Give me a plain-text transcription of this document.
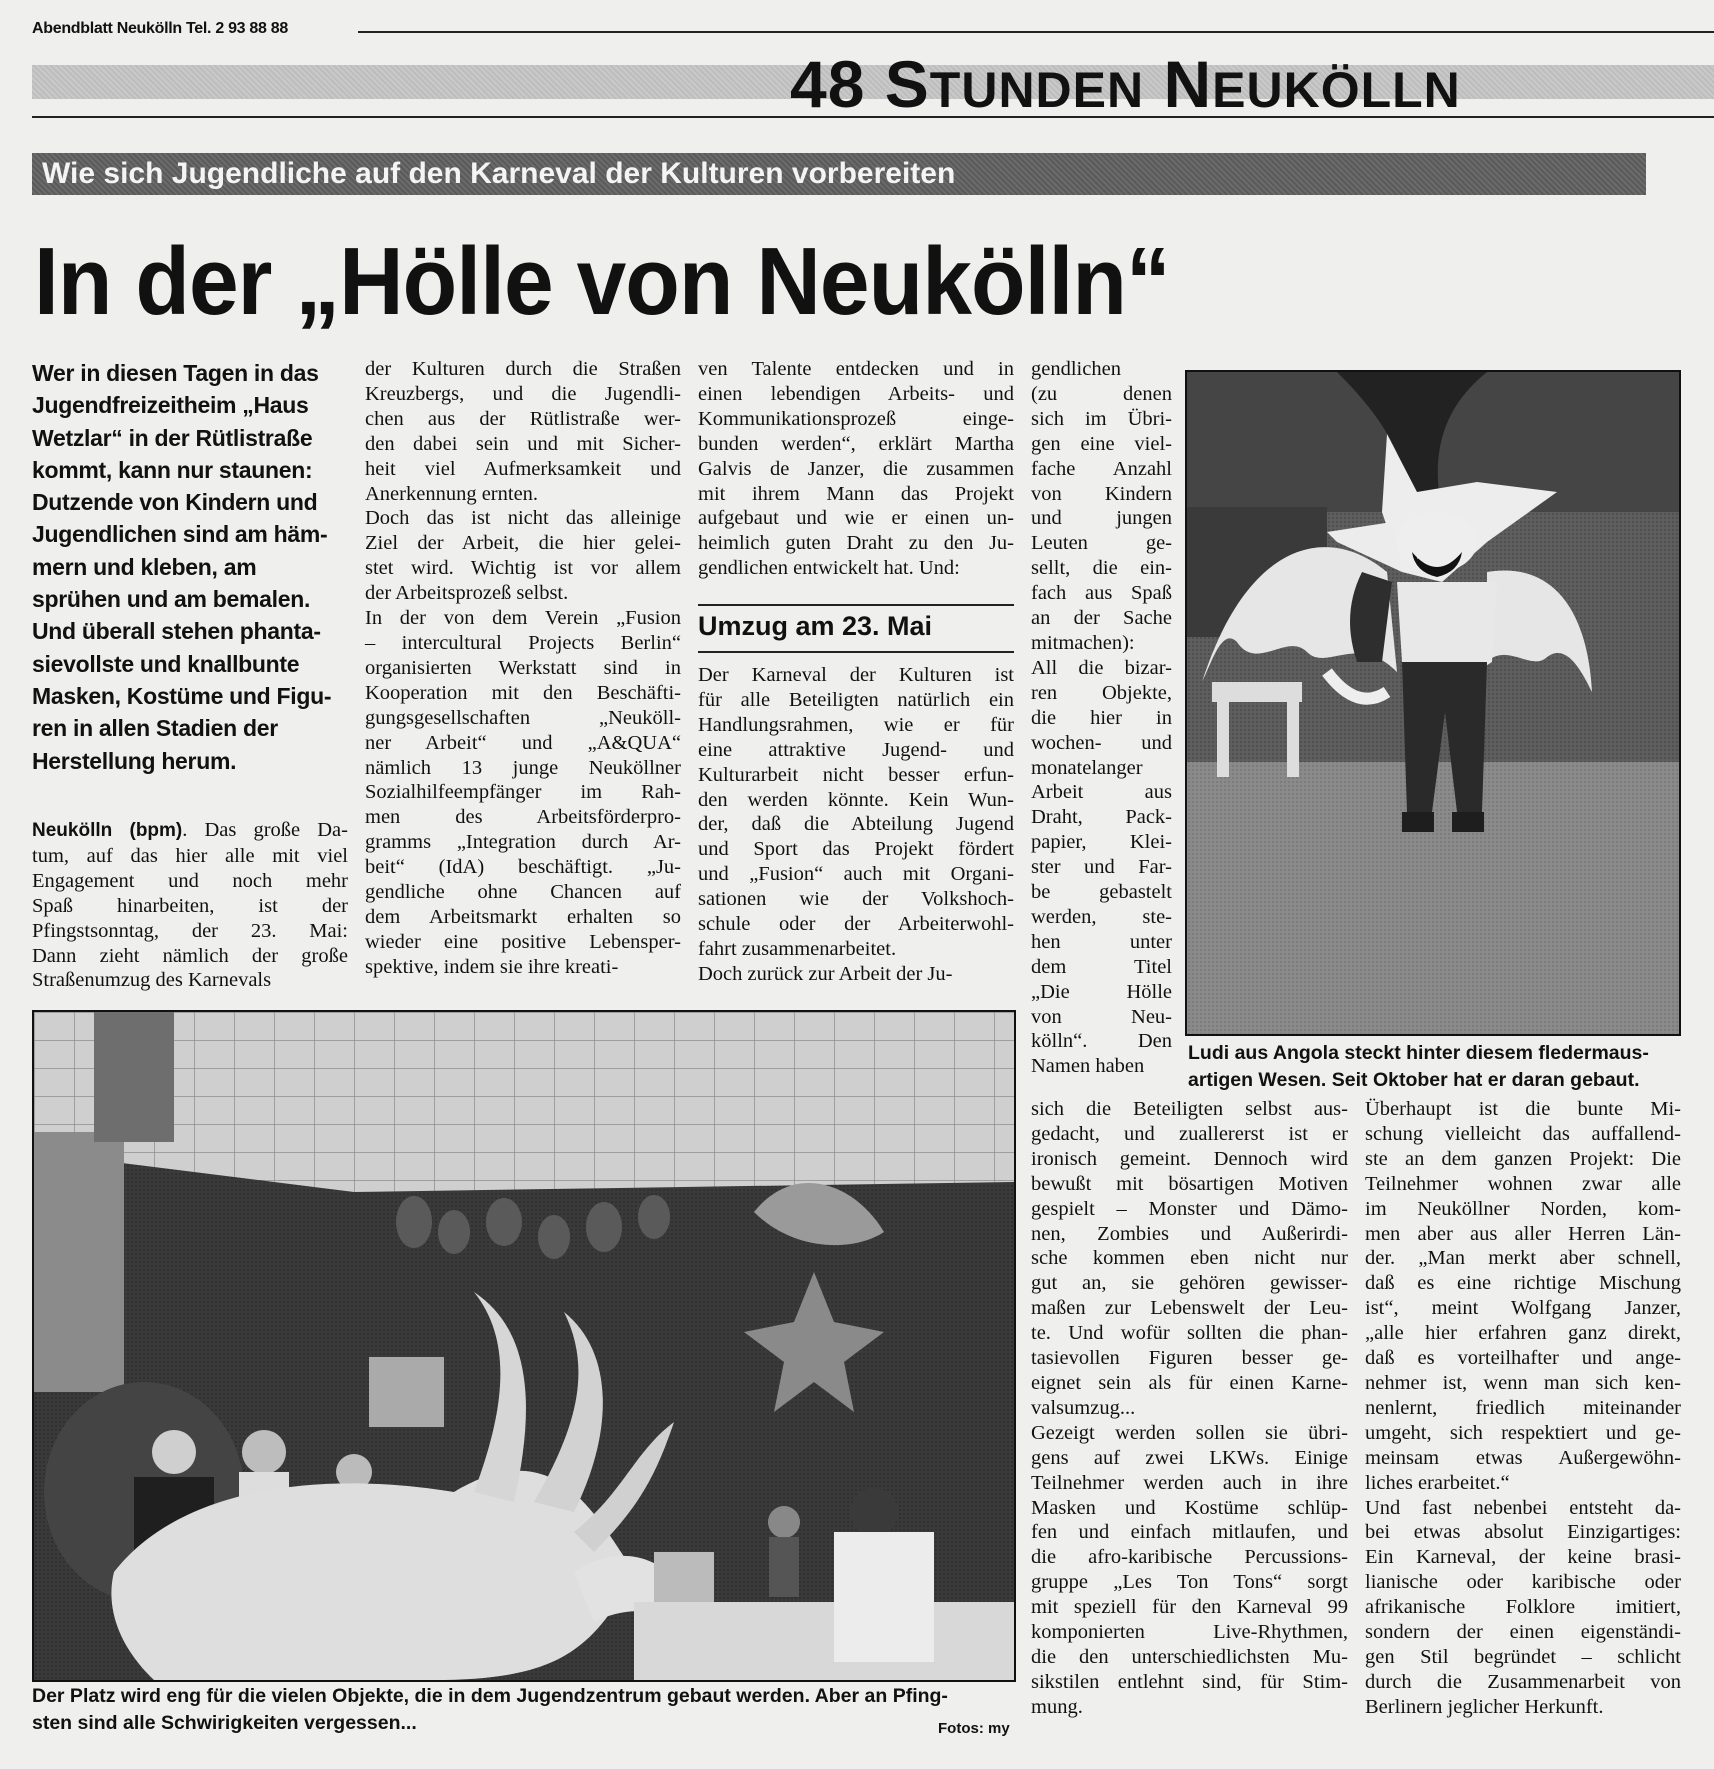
Abendblatt Neukölln Tel. 2 93 88 88
48 STUNDEN NEUKÖLLN
Wie sich Jugendliche auf den Karneval der Kulturen vorbereiten
In der „Hölle von Neukölln“
Wer in diesen Tagen in das
Jugendfreizeitheim „Haus
Wetzlar“ in der Rütlistraße
kommt, kann nur staunen:
Dutzende von Kindern und
Jugendlichen sind am häm-
mern und kleben, am
sprühen und am bemalen.
Und überall stehen phanta-
sievollste und knallbunte
Masken, Kostüme und Figu-
ren in allen Stadien der
Herstellung herum.
Neukölln (bpm). Das große Da-
tum, auf das hier alle mit viel
Engagement und noch mehr
Spaß hinarbeiten, ist der
Pfingstsonntag, der 23. Mai:
Dann zieht nämlich der große
Straßenumzug des Karnevals
der Kulturen durch die Straßen
Kreuzbergs, und die Jugendli-
chen aus der Rütlistraße wer-
den dabei sein und mit Sicher-
heit viel Aufmerksamkeit und
Anerkennung ernten.
Doch das ist nicht das alleinige
Ziel der Arbeit, die hier gelei-
stet wird. Wichtig ist vor allem
der Arbeitsprozeß selbst.
In der von dem Verein „Fusion
– intercultural Projects Berlin“
organisierten Werkstatt sind in
Kooperation mit den Beschäfti-
gungsgesellschaften „Neuköll-
ner Arbeit“ und „A&QUA“
nämlich 13 junge Neuköllner
Sozialhilfeempfänger im Rah-
men des Arbeitsförderpro-
gramms „Integration durch Ar-
beit“ (IdA) beschäftigt. „Ju-
gendliche ohne Chancen auf
dem Arbeitsmarkt erhalten so
wieder eine positive Lebensper-
spektive, indem sie ihre kreati-
ven Talente entdecken und in
einen lebendigen Arbeits- und
Kommunikationsprozeß einge-
bunden werden“, erklärt Martha
Galvis de Janzer, die zusammen
mit ihrem Mann das Projekt
aufgebaut und wie er einen un-
heimlich guten Draht zu den Ju-
gendlichen entwickelt hat. Und:
Umzug am 23. Mai
Der Karneval der Kulturen ist
für alle Beteiligten natürlich ein
Handlungsrahmen, wie er für
eine attraktive Jugend- und
Kulturarbeit nicht besser erfun-
den werden könnte. Kein Wun-
der, daß die Abteilung Jugend
und Sport das Projekt fördert
und „Fusion“ auch mit Organi-
sationen wie der Volkshoch-
schule oder der Arbeiterwohl-
fahrt zusammenarbeitet.
Doch zurück zur Arbeit der Ju-
gendlichen
(zu denen
sich im Übri-
gen eine viel-
fache Anzahl
von Kindern
und jungen
Leuten ge-
sellt, die ein-
fach aus Spaß
an der Sache
mitmachen):
All die bizar-
ren Objekte,
die hier in
wochen- und
monatelanger
Arbeit aus
Draht, Pack-
papier, Klei-
ster und Far-
be gebastelt
werden, ste-
hen unter
dem Titel
„Die Hölle
von Neu-
kölln“. Den
Namen haben
sich die Beteiligten selbst aus-
gedacht, und zuallererst ist er
ironisch gemeint. Dennoch wird
bewußt mit bösartigen Motiven
gespielt – Monster und Dämo-
nen, Zombies und Außerirdi-
sche kommen eben nicht nur
gut an, sie gehören gewisser-
maßen zur Lebenswelt der Leu-
te. Und wofür sollten die phan-
tasievollen Figuren besser ge-
eignet sein als für einen Karne-
valsumzug...
Gezeigt werden sollen sie übri-
gens auf zwei LKWs. Einige
Teilnehmer werden auch in ihre
Masken und Kostüme schlüp-
fen und einfach mitlaufen, und
die afro-karibische Percussions-
gruppe „Les Ton Tons“ sorgt
mit speziell für den Karneval 99
komponierten Live-Rhythmen,
die den unterschiedlichsten Mu-
sikstilen entlehnt sind, für Stim-
mung.
Überhaupt ist die bunte Mi-
schung vielleicht das auffallend-
ste an dem ganzen Projekt: Die
Teilnehmer wohnen zwar alle
im Neuköllner Norden, kom-
men aber aus aller Herren Län-
der. „Man merkt aber schnell,
daß es eine richtige Mischung
ist“, meint Wolfgang Janzer,
„alle hier erfahren ganz direkt,
daß es vorteilhafter und ange-
nehmer ist, wenn man sich ken-
nenlernt, friedlich miteinander
umgeht, sich respektiert und ge-
meinsam etwas Außergewöhn-
liches erarbeitet.“
Und fast nebenbei entsteht da-
bei etwas absolut Einzigartiges:
Ein Karneval, der keine brasi-
lianische oder karibische oder
afrikanische Folklore imitiert,
sondern der einen eigenständi-
gen Stil begründet – schlicht
durch die Zusammenarbeit von
Berlinern jeglicher Herkunft.
Ludi aus Angola steckt hinter diesem fledermaus-
artigen Wesen. Seit Oktober hat er daran gebaut.
Der Platz wird eng für die vielen Objekte, die in dem Jugendzentrum gebaut werden. Aber an Pfing-
sten sind alle Schwirigkeiten vergessen...	Fotos: my
